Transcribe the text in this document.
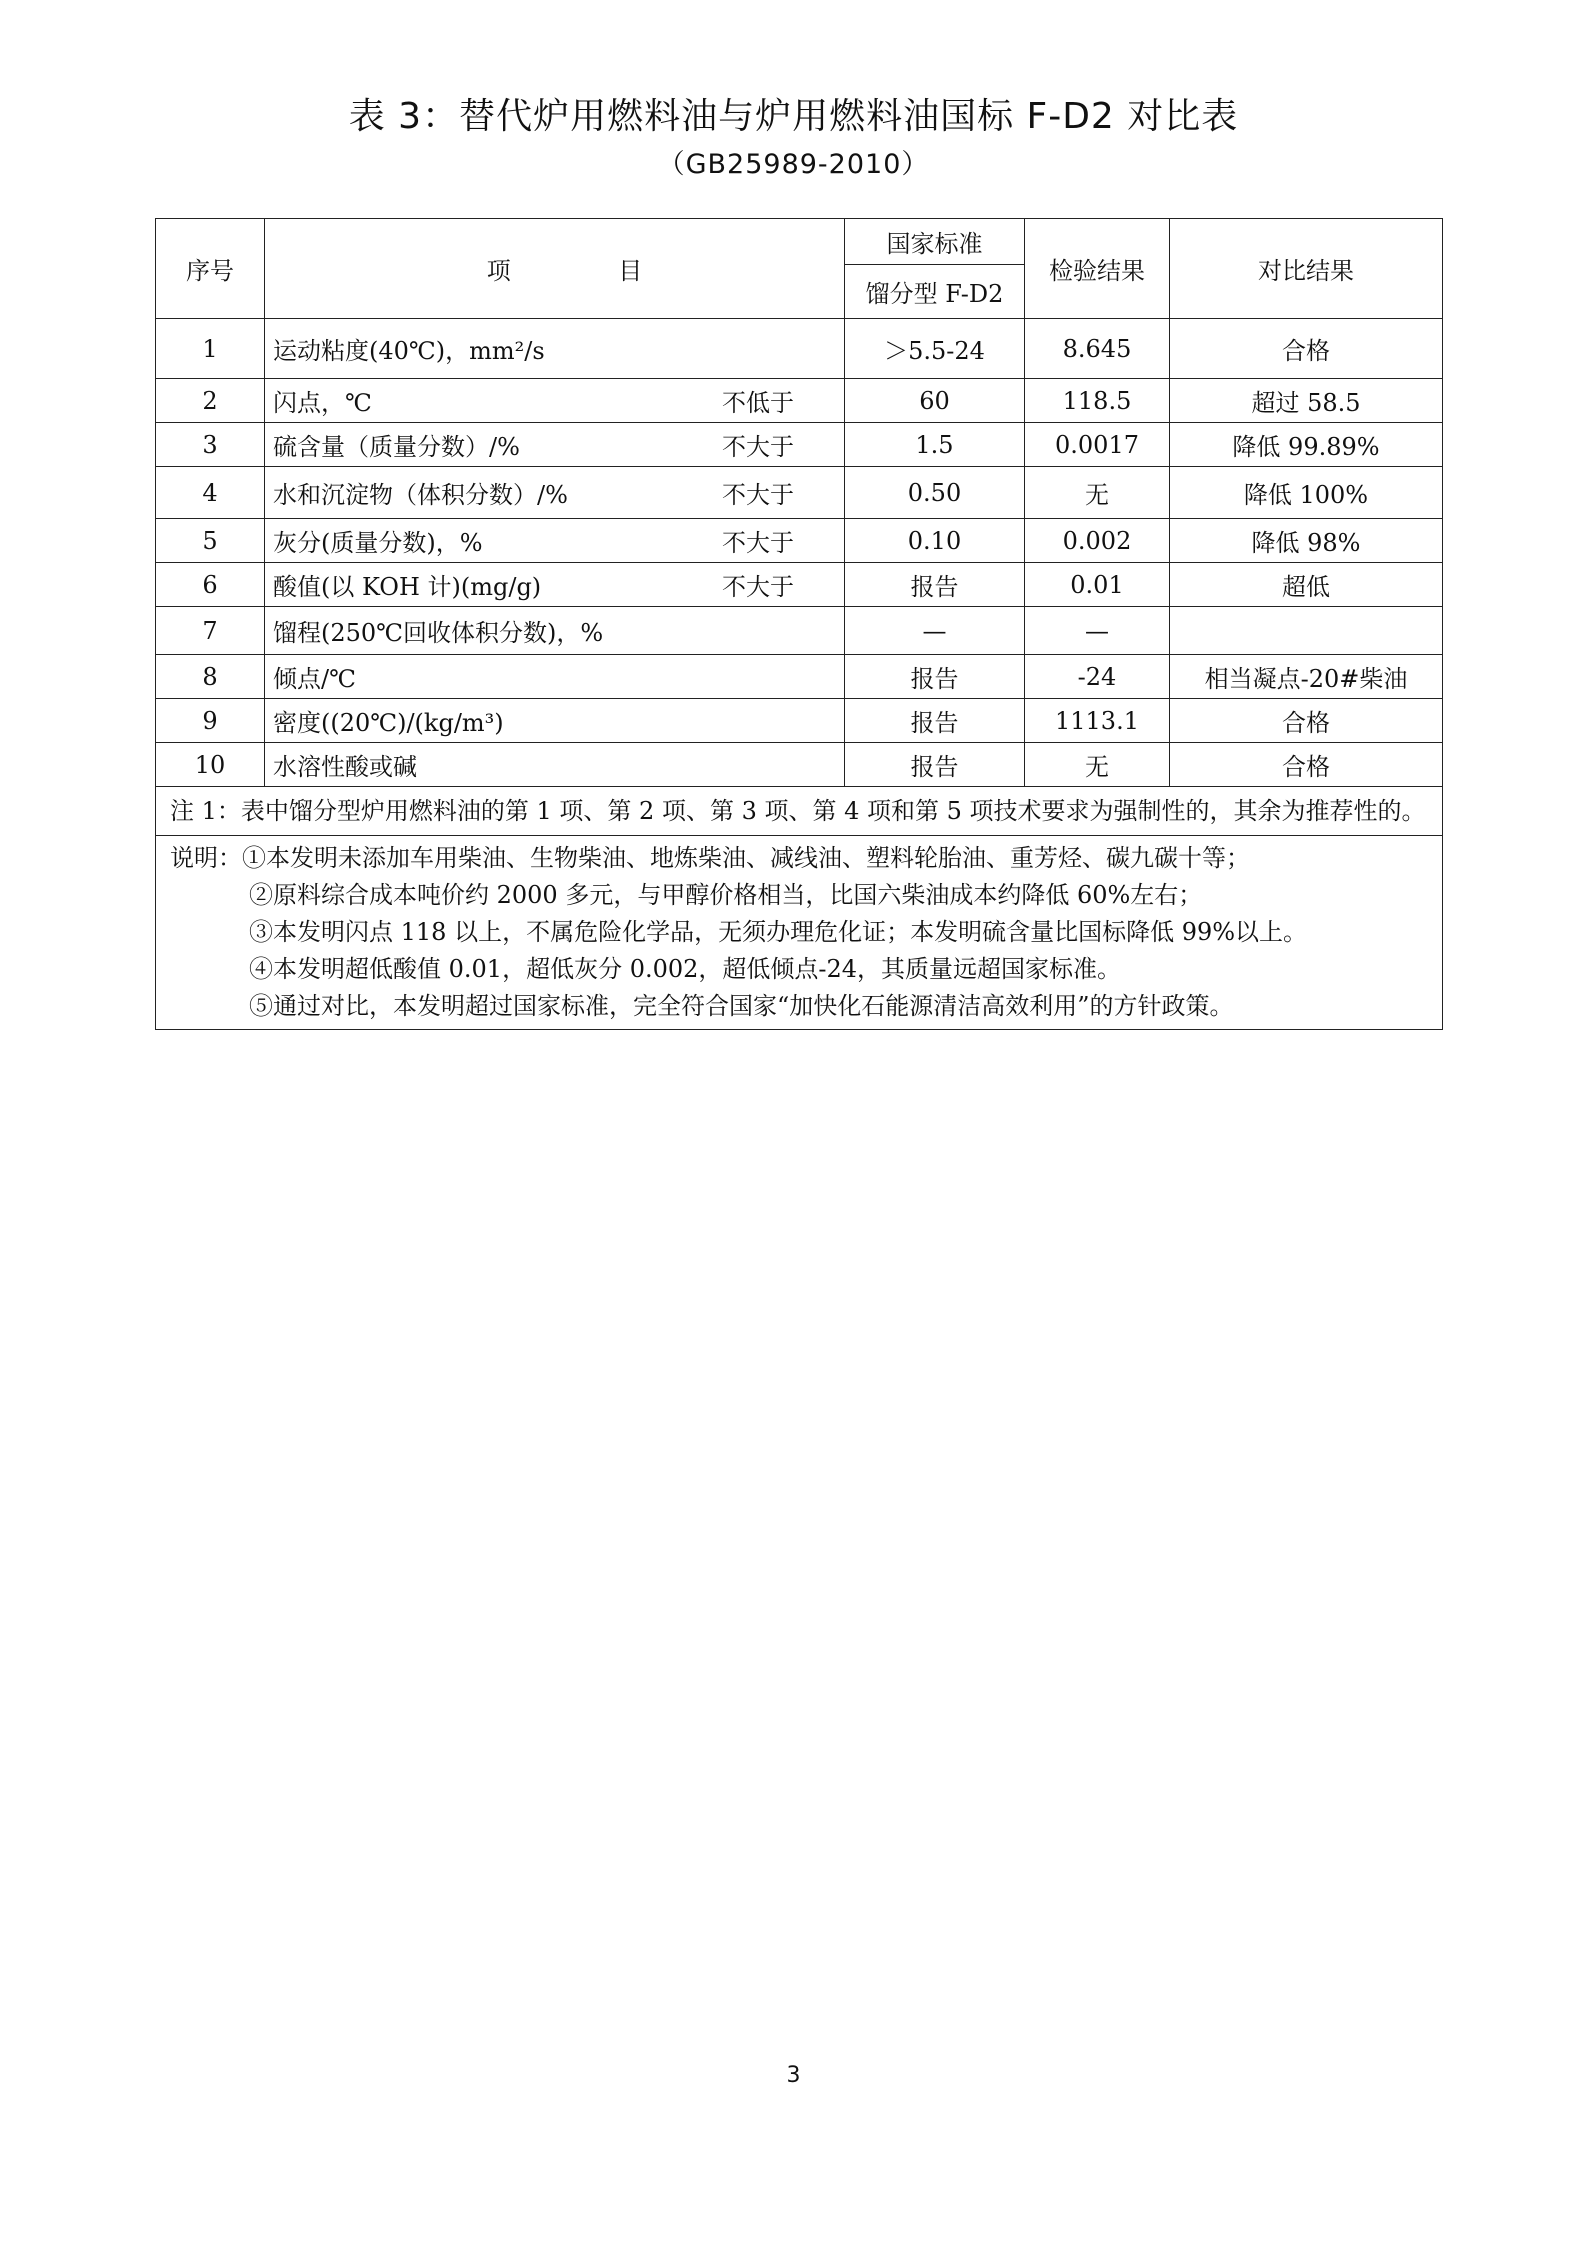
表 3：替代炉用燃料油与炉用燃料油国标 F-D2 对比表
（GB25989-2010）
序号	项 目	国家标准	检验结果	对比结果
		馏分型 F-D2		
1	运动粘度(40℃)，mm²/s	＞5.5-24	8.645	合格
2	闪点，℃ 不低于	60	118.5	超过 58.5
3	硫含量（质量分数）/% 不大于	1.5	0.0017	降低 99.89%
4	水和沉淀物（体积分数）/% 不大于	0.50	无	降低 100%
5	灰分(质量分数)，% 不大于	0.10	0.002	降低 98%
6	酸值(以 KOH 计)(mg/g) 不大于	报告	0.01	超低
7	馏程(250℃回收体积分数)，%	—	—	
8	倾点/℃	报告	-24	相当凝点-20#柴油
9	密度((20℃)/(kg/m³)	报告	1113.1	合格
10	水溶性酸或碱	报告	无	合格
注 1：表中馏分型炉用燃料油的第 1 项、第 2 项、第 3 项、第 4 项和第 5 项技术要求为强制性的，其余为推荐性的。				

说明：①本发明未添加车用柴油、生物柴油、地炼柴油、减线油、塑料轮胎油、重芳烃、碳九碳十等；
②原料综合成本吨价约 2000 多元，与甲醇价格相当，比国六柴油成本约降低 60%左右；
③本发明闪点 118 以上，不属危险化学品，无须办理危化证；本发明硫含量比国标降低 99%以上。
④本发明超低酸值 0.01，超低灰分 0.002，超低倾点-24，其质量远超国家标准。
⑤通过对比，本发明超过国家标准，完全符合国家“加快化石能源清洁高效利用”的方针政策。				
3
